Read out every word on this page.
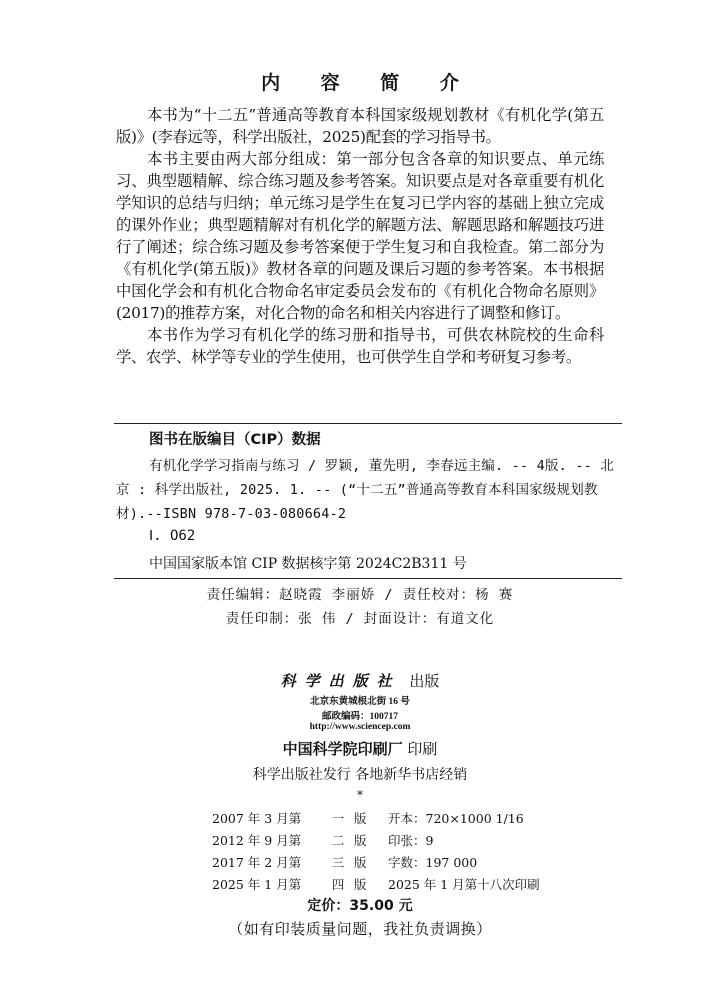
内 容 简 介

本书为“十二五”普通高等教育本科国家级规划教材《有机化学(第五版)》(李春远等，科学出版社，2025)配套的学习指导书。

本书主要由两大部分组成：第一部分包含各章的知识要点、单元练习、典型题精解、综合练习题及参考答案。知识要点是对各章重要有机化学知识的总结与归纳；单元练习是学生在复习已学内容的基础上独立完成的课外作业；典型题精解对有机化学的解题方法、解题思路和解题技巧进行了阐述；综合练习题及参考答案便于学生复习和自我检查。第二部分为《有机化学(第五版)》教材各章的问题及课后习题的参考答案。本书根据中国化学会和有机化合物命名审定委员会发布的《有机化合物命名原则》(2017)的推荐方案，对化合物的命名和相关内容进行了调整和修订。

本书作为学习有机化学的练习册和指导书，可供农林院校的生命科学、农学、林学等专业的学生使用，也可供学生自学和考研复习参考。

图书在版编目（CIP）数据
有机化学学习指南与练习 / 罗颖, 董先明, 李春远主编. -- 4版. -- 北京 : 科学出版社, 2025. 1. -- (“十二五”普通高等教育本科国家级规划教材).--ISBN 978-7-03-080664-2
Ⅰ. O62
中国国家版本馆 CIP 数据核字第 2024C2B311 号
责任编辑：赵晓霞 李丽娇 / 责任校对：杨 赛
责任印制：张 伟 / 封面设计：有道文化
科学出版社 出版
北京东黄城根北街 16 号
邮政编码：100717
http://www.sciencep.com
中国科学院印刷厂 印刷
科学出版社发行 各地新华书店经销
*
2007 年 3 月第	一 版	开本：720×1000 1/16
2012 年 9 月第	二 版	印张：9
2017 年 2 月第	三 版	字数：197 000
2025 年 1 月第	四 版	2025 年 1 月第十八次印刷
定价：35.00 元
（如有印装质量问题，我社负责调换）
